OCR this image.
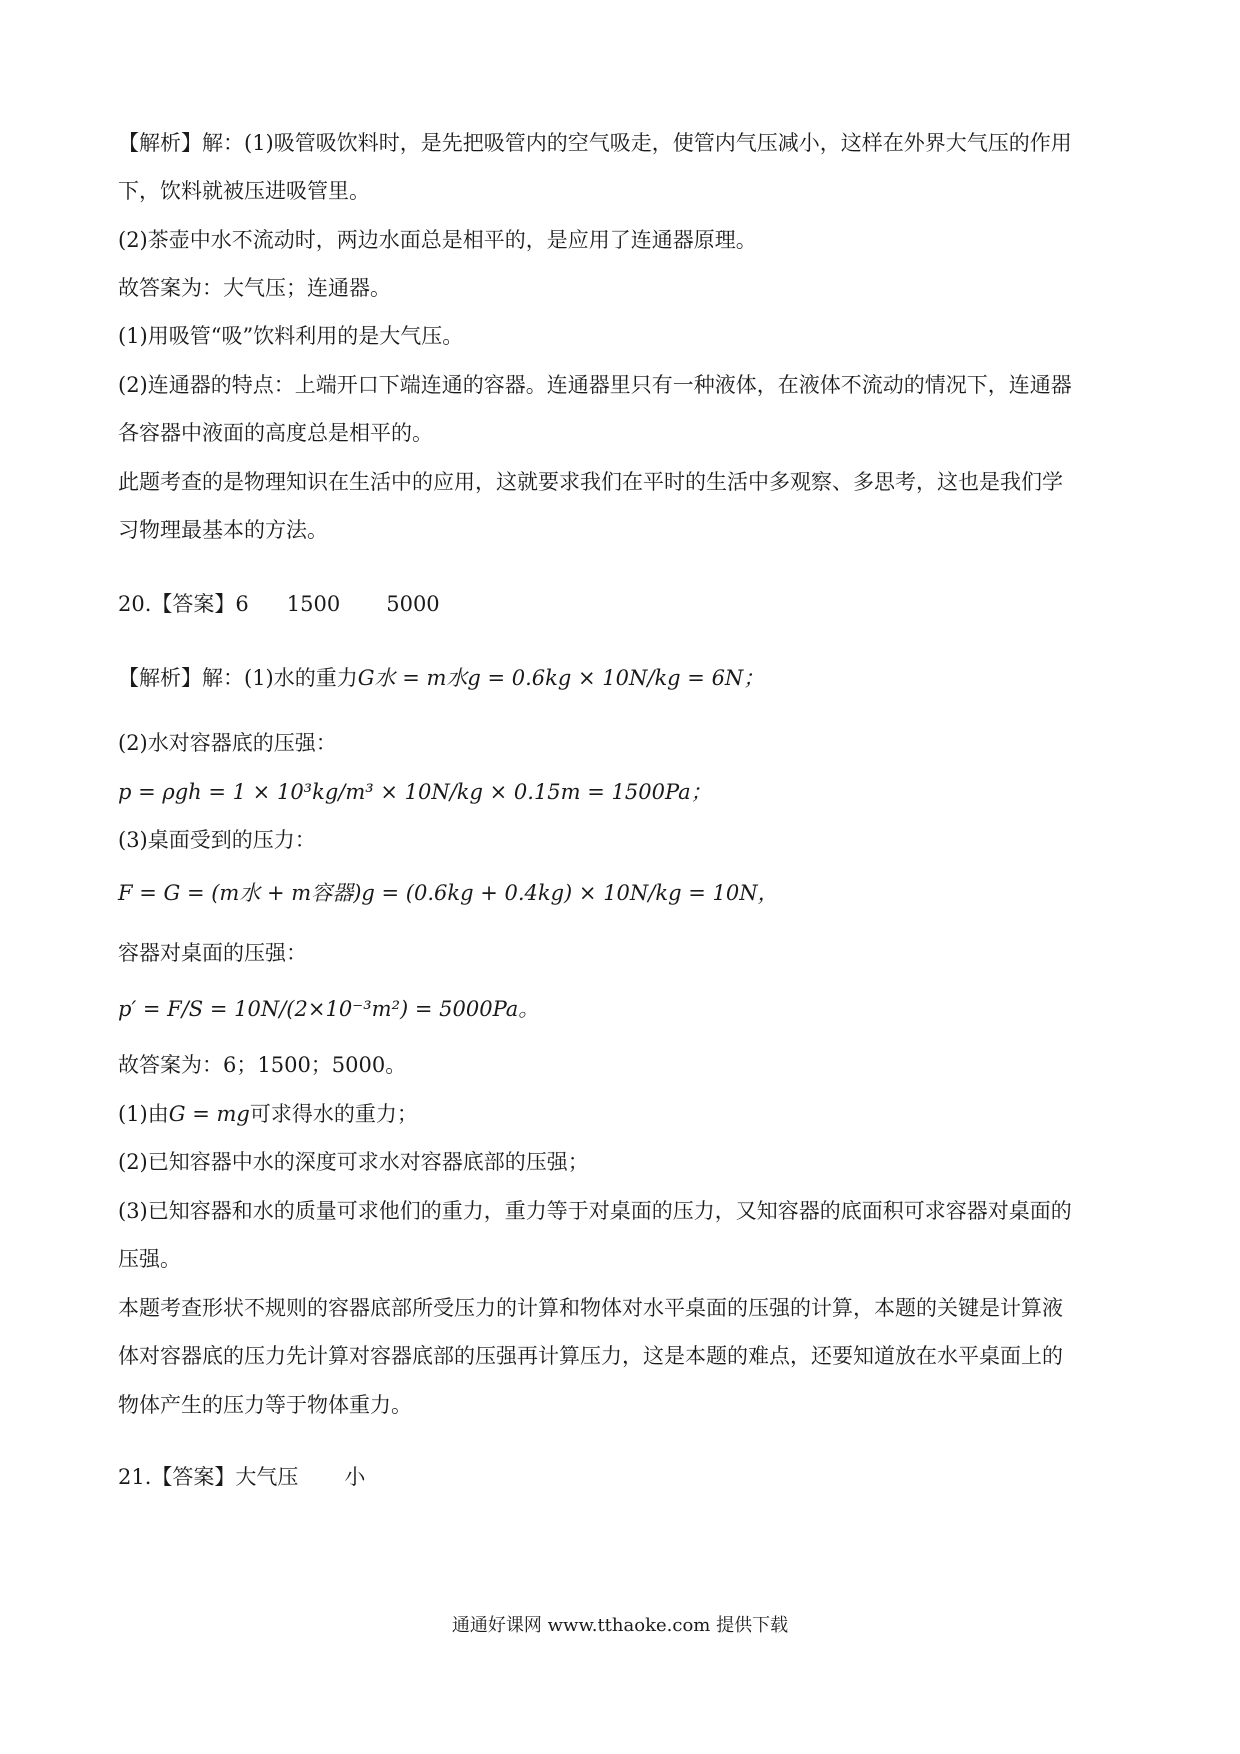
【解析】解：(1)吸管吸饮料时，是先把吸管内的空气吸走，使管内气压减小，这样在外界大气压的作用
下，饮料就被压进吸管里。
(2)茶壶中水不流动时，两边水面总是相平的，是应用了连通器原理。
故答案为：大气压；连通器。
(1)用吸管“吸”饮料利用的是大气压。
(2)连通器的特点：上端开口下端连通的容器。连通器里只有一种液体，在液体不流动的情况下，连通器
各容器中液面的高度总是相平的。
此题考查的是物理知识在生活中的应用，这就要求我们在平时的生活中多观察、多思考，这也是我们学
习物理最基本的方法。
20.【答案】6 1500 5000
【解析】解：(1)水的重力G水 = m水g = 0.6kg × 10N/kg = 6N；
(2)水对容器底的压强：
p = ρgh = 1 × 10³kg/m³ × 10N/kg × 0.15m = 1500Pa；
(3)桌面受到的压力：
F = G = (m水 + m容器)g = (0.6kg + 0.4kg) × 10N/kg = 10N，
容器对桌面的压强：
p′ = F/S = 10N/(2×10⁻³m²) = 5000Pa。
故答案为：6；1500；5000。
(1)由G = mg可求得水的重力；
(2)已知容器中水的深度可求水对容器底部的压强；
(3)已知容器和水的质量可求他们的重力，重力等于对桌面的压力，又知容器的底面积可求容器对桌面的
压强。
本题考查形状不规则的容器底部所受压力的计算和物体对水平桌面的压强的计算，本题的关键是计算液
体对容器底的压力先计算对容器底部的压强再计算压力，这是本题的难点，还要知道放在水平桌面上的
物体产生的压力等于物体重力。
21.【答案】大气压 小
通通好课网 www.tthaoke.com 提供下载
